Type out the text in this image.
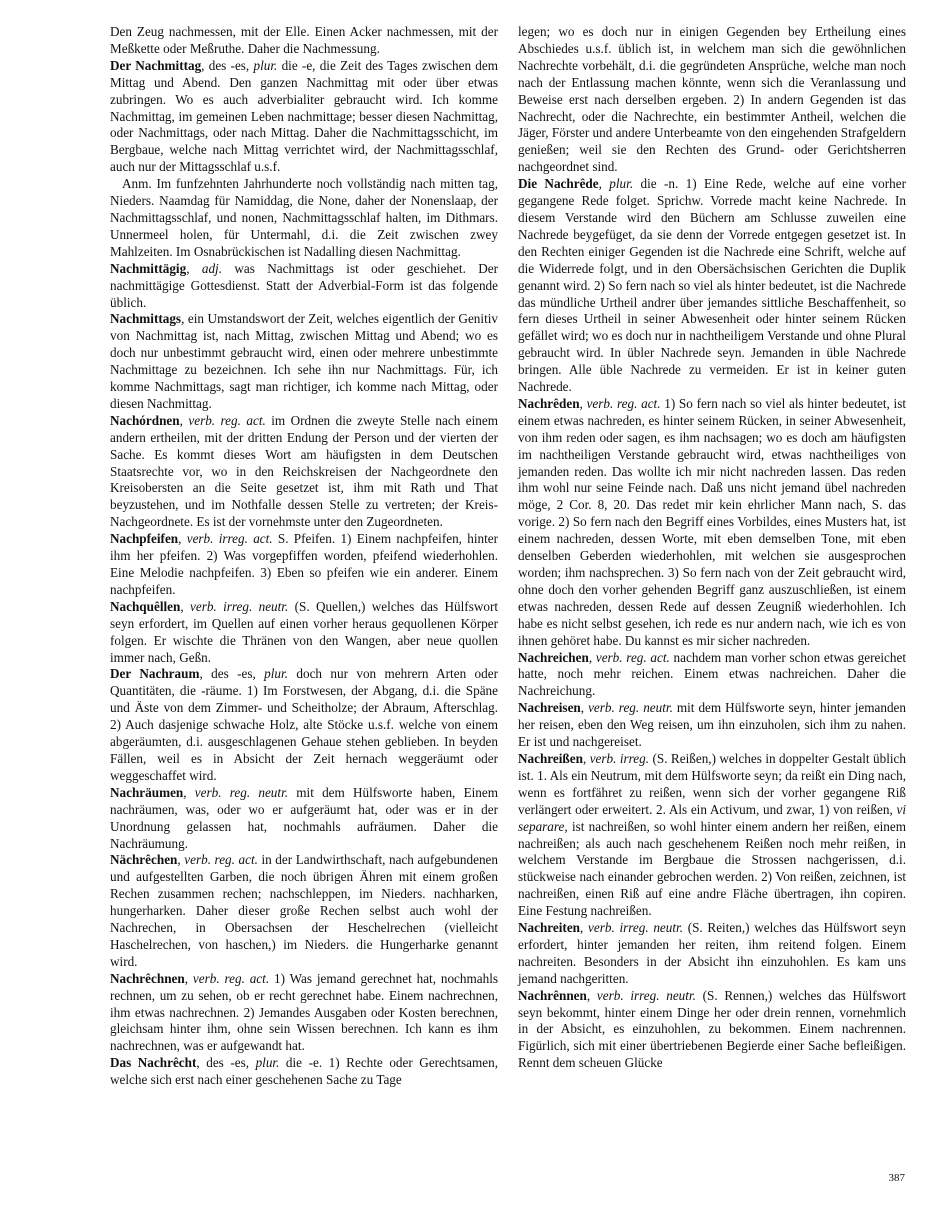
Den Zeug nachmessen, mit der Elle. Einen Acker nachmessen, mit der Meßkette oder Meßruthe. Daher die Nachmessung.

Der Nachmittag, des -es, plur. die -e, die Zeit des Tages zwischen dem Mittag und Abend. Den ganzen Nachmittag mit oder über etwas zubringen. Wo es auch adverbialiter gebraucht wird. Ich komme Nachmittag, im gemeinen Leben nachmittage; besser diesen Nachmittag, oder Nachmittags, oder nach Mittag. Daher die Nachmittagsschicht, im Bergbaue, welche nach Mittag verrichtet wird, der Nachmittagsschlaf, auch nur der Mittagsschlaf u.s.f.

Anm. Im funfzehnten Jahrhunderte noch vollständig nach mitten tag, Nieders. Naamdag für Namiddag, die None, daher der Nonenslaap, der Nachmittagsschlaf, und nonen, Nachmittagsschlaf halten, im Dithmars. Unnermeel holen, für Untermahl, d.i. die Zeit zwischen zwey Mahlzeiten. Im Osnabrückischen ist Nadalling diesen Nachmittag.

Nachmittägig, adj. was Nachmittags ist oder geschiehet. Der nachmittägige Gottesdienst. Statt der Adverbial-Form ist das folgende üblich.

Nachmittags, ein Umstandswort der Zeit, welches eigentlich der Genitiv von Nachmittag ist, nach Mittag, zwischen Mittag und Abend; wo es doch nur unbestimmt gebraucht wird, einen oder mehrere unbestimmte Nachmittage zu bezeichnen. Ich sehe ihn nur Nachmittags. Für, ich komme Nachmittags, sagt man richtiger, ich komme nach Mittag, oder diesen Nachmittag.

Nachórdnen, verb. reg. act. im Ordnen die zweyte Stelle nach einem andern ertheilen, mit der dritten Endung der Person und der vierten der Sache. Es kommt dieses Wort am häufigsten in dem Deutschen Staatsrechte vor, wo in den Reichskreisen der Nachgeordnete den Kreisobersten an die Seite gesetzet ist, ihm mit Rath und That beyzustehen, und im Nothfalle dessen Stelle zu vertreten; der Kreis-Nachgeordnete. Es ist der vornehmste unter den Zugeordneten.

Nachpfeifen, verb. irreg. act. S. Pfeifen. 1) Einem nachpfeifen, hinter ihm her pfeifen. 2) Was vorgepfiffen worden, pfeifend wiederhohlen. Eine Melodie nachpfeifen. 3) Eben so pfeifen wie ein anderer. Einem nachpfeifen.

Nachquêllen, verb. irreg. neutr. (S. Quellen,) welches das Hülfswort seyn erfordert, im Quellen auf einen vorher heraus gequollenen Körper folgen. Er wischte die Thränen von den Wangen, aber neue quollen immer nach, Geßn.

Der Nachraum, des -es, plur. doch nur von mehrern Arten oder Quantitäten, die -räume. 1) Im Forstwesen, der Abgang, d.i. die Späne und Äste von dem Zimmer- und Scheitholze; der Abraum, Afterschlag. 2) Auch dasjenige schwache Holz, alte Stöcke u.s.f. welche von einem abgeräumten, d.i. ausgeschlagenen Gehaue stehen geblieben. In beyden Fällen, weil es in Absicht der Zeit hernach weggeräumt oder weggeschaffet wird.

Nachräumen, verb. reg. neutr. mit dem Hülfsworte haben, Einem nachräumen, was, oder wo er aufgeräumt hat, oder was er in der Unordnung gelassen hat, nochmahls aufräumen. Daher die Nachräumung.

Nächrêchen, verb. reg. act. in der Landwirthschaft, nach aufgebundenen und aufgestellten Garben, die noch übrigen Ähren mit einem großen Rechen zusammen rechen; nachschleppen, im Nieders. nachharken, hungerharken. Daher dieser große Rechen selbst auch wohl der Nachrechen, in Obersachsen der Heschelrechen (vielleicht Haschelrechen, von haschen,) im Nieders. die Hungerharke genannt wird.

Nachrêchnen, verb. reg. act. 1) Was jemand gerechnet hat, nochmahls rechnen, um zu sehen, ob er recht gerechnet habe. Einem nachrechnen, ihm etwas nachrechnen. 2) Jemandes Ausgaben oder Kosten berechnen, gleichsam hinter ihm, ohne sein Wissen berechnen. Ich kann es ihm nachrechnen, was er aufgewandt hat.

Das Nachrêcht, des -es, plur. die -e. 1) Rechte oder Gerechtsamen, welche sich erst nach einer geschehenen Sache zu Tage

legen; wo es doch nur in einigen Gegenden bey Ertheilung eines Abschiedes u.s.f. üblich ist, in welchem man sich die gewöhnlichen Nachrechte vorbehält, d.i. die gegründeten Ansprüche, welche man noch nach der Entlassung machen könnte, wenn sich die Veranlassung und Beweise erst nach derselben ergeben. 2) In andern Gegenden ist das Nachrecht, oder die Nachrechte, ein bestimmter Antheil, welchen die Jäger, Förster und andere Unterbeamte von den eingehenden Strafgeldern genießen; weil sie den Rechten des Grund- oder Gerichtsherren nachgeordnet sind.

Die Nachrêde, plur. die -n. 1) Eine Rede, welche auf eine vorher gegangene Rede folget. Sprichw. Vorrede macht keine Nachrede. In diesem Verstande wird den Büchern am Schlusse zuweilen eine Nachrede beygefüget, da sie denn der Vorrede entgegen gesetzet ist. In den Rechten einiger Gegenden ist die Nachrede eine Schrift, welche auf die Widerrede folgt, und in den Obersächsischen Gerichten die Duplik genannt wird. 2) So fern nach so viel als hinter bedeutet, ist die Nachrede das mündliche Urtheil andrer über jemandes sittliche Beschaffenheit, so fern dieses Urtheil in seiner Abwesenheit oder hinter seinem Rücken gefället wird; wo es doch nur in nachtheiligem Verstande und ohne Plural gebraucht wird. In übler Nachrede seyn. Jemanden in üble Nachrede bringen. Alle üble Nachrede zu vermeiden. Er ist in keiner guten Nachrede.

Nachrêden, verb. reg. act. 1) So fern nach so viel als hinter bedeutet, ist einem etwas nachreden, es hinter seinem Rücken, in seiner Abwesenheit, von ihm reden oder sagen, es ihm nachsagen; wo es doch am häufigsten im nachtheiligen Verstande gebraucht wird, etwas nachtheiliges von jemanden reden. Das wollte ich mir nicht nachreden lassen. Das reden ihm wohl nur seine Feinde nach. Daß uns nicht jemand übel nachreden möge, 2 Cor. 8, 20. Das redet mir kein ehrlicher Mann nach, S. das vorige. 2) So fern nach den Begriff eines Vorbildes, eines Musters hat, ist einem nachreden, dessen Worte, mit eben demselben Tone, mit eben denselben Geberden wiederhohlen, mit welchen sie ausgesprochen worden; ihm nachsprechen. 3) So fern nach von der Zeit gebraucht wird, ohne doch den vorher gehenden Begriff ganz auszuschließen, ist einem etwas nachreden, dessen Rede auf dessen Zeugniß wiederhohlen. Ich habe es nicht selbst gesehen, ich rede es nur andern nach, wie ich es von ihnen gehöret habe. Du kannst es mir sicher nachreden.

Nachreichen, verb. reg. act. nachdem man vorher schon etwas gereichet hatte, noch mehr reichen. Einem etwas nachreichen. Daher die Nachreichung.

Nachreisen, verb. reg. neutr. mit dem Hülfsworte seyn, hinter jemanden her reisen, eben den Weg reisen, um ihn einzuholen, sich ihm zu nahen. Er ist und nachgereiset.

Nachreißen, verb. irreg. (S. Reißen,) welches in doppelter Gestalt üblich ist. 1. Als ein Neutrum, mit dem Hülfsworte seyn; da reißt ein Ding nach, wenn es fortfähret zu reißen, wenn sich der vorher gegangene Riß verlängert oder erweitert. 2. Als ein Activum, und zwar, 1) von reißen, vi separare, ist nachreißen, so wohl hinter einem andern her reißen, einem nachreißen; als auch nach geschehenem Reißen noch mehr reißen, in welchem Verstande im Bergbaue die Strossen nachgerissen, d.i. stückweise nach einander gebrochen werden. 2) Von reißen, zeichnen, ist nachreißen, einen Riß auf eine andre Fläche übertragen, ihn copiren. Eine Festung nachreißen.

Nachreiten, verb. irreg. neutr. (S. Reiten,) welches das Hülfswort seyn erfordert, hinter jemanden her reiten, ihm reitend folgen. Einem nachreiten. Besonders in der Absicht ihn einzuhohlen. Es kam uns jemand nachgeritten.

Nachrênnen, verb. irreg. neutr. (S. Rennen,) welches das Hülfswort seyn bekommt, hinter einem Dinge her oder drein rennen, vornehmlich in der Absicht, es einzuhohlen, zu bekommen. Einem nachrennen. Figürlich, sich mit einer übertriebenen Begierde einer Sache befleißigen. Rennt dem scheuen Glücke

387
